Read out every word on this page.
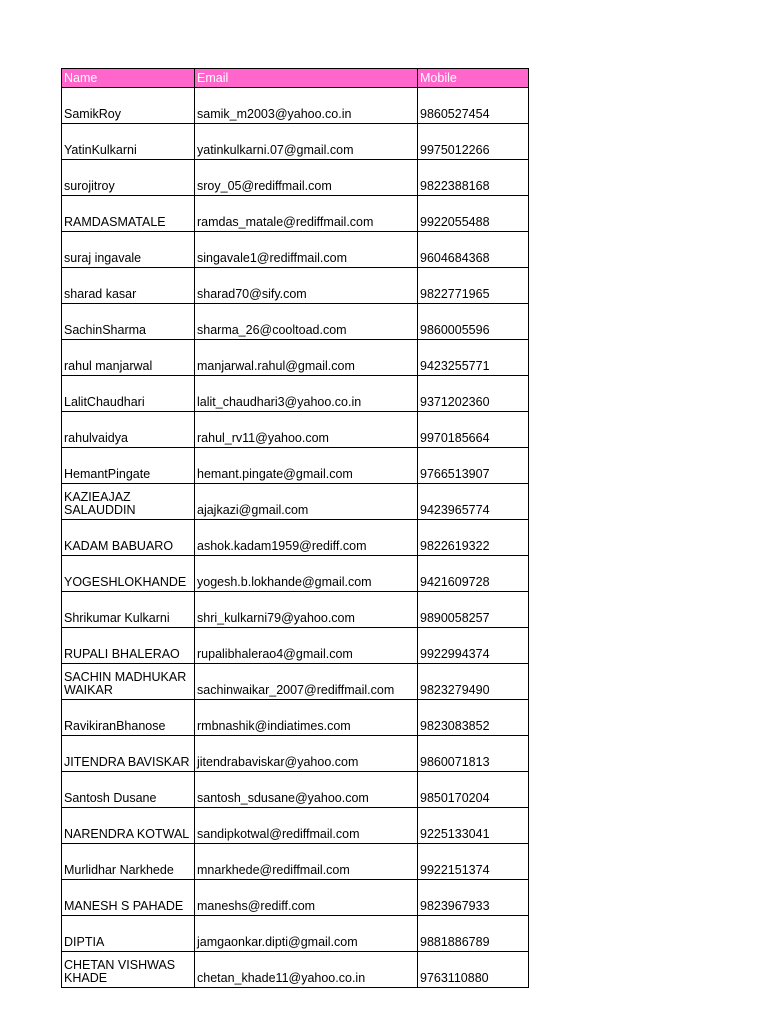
Name	Email	Mobile
SamikRoy	samik_m2003@yahoo.co.in	9860527454
YatinKulkarni	yatinkulkarni.07@gmail.com	9975012266
surojitroy	sroy_05@rediffmail.com	9822388168
RAMDASMATALE	ramdas_matale@rediffmail.com	9922055488
suraj ingavale	singavale1@rediffmail.com	9604684368
sharad kasar	sharad70@sify.com	9822771965
SachinSharma	sharma_26@cooltoad.com	9860005596
rahul manjarwal	manjarwal.rahul@gmail.com	9423255771
LalitChaudhari	lalit_chaudhari3@yahoo.co.in	9371202360
rahulvaidya	rahul_rv11@yahoo.com	9970185664
HemantPingate	hemant.pingate@gmail.com	9766513907
KAZIEAJAZ SALAUDDIN	ajajkazi@gmail.com	9423965774
KADAM BABUARO	ashok.kadam1959@rediff.com	9822619322
YOGESHLOKHANDE	yogesh.b.lokhande@gmail.com	9421609728
Shrikumar Kulkarni	shri_kulkarni79@yahoo.com	9890058257
RUPALI BHALERAO	rupalibhalerao4@gmail.com	9922994374
SACHIN MADHUKAR WAIKAR	sachinwaikar_2007@rediffmail.com	9823279490
RavikiranBhanose	rmbnashik@indiatimes.com	9823083852
JITENDRA BAVISKAR	jitendrabaviskar@yahoo.com	9860071813
Santosh Dusane	santosh_sdusane@yahoo.com	9850170204
NARENDRA KOTWAL	sandipkotwal@rediffmail.com	9225133041
Murlidhar Narkhede	mnarkhede@rediffmail.com	9922151374
MANESH S PAHADE	maneshs@rediff.com	9823967933
DIPTIA	jamgaonkar.dipti@gmail.com	9881886789
CHETAN VISHWAS KHADE	chetan_khade11@yahoo.co.in	9763110880
